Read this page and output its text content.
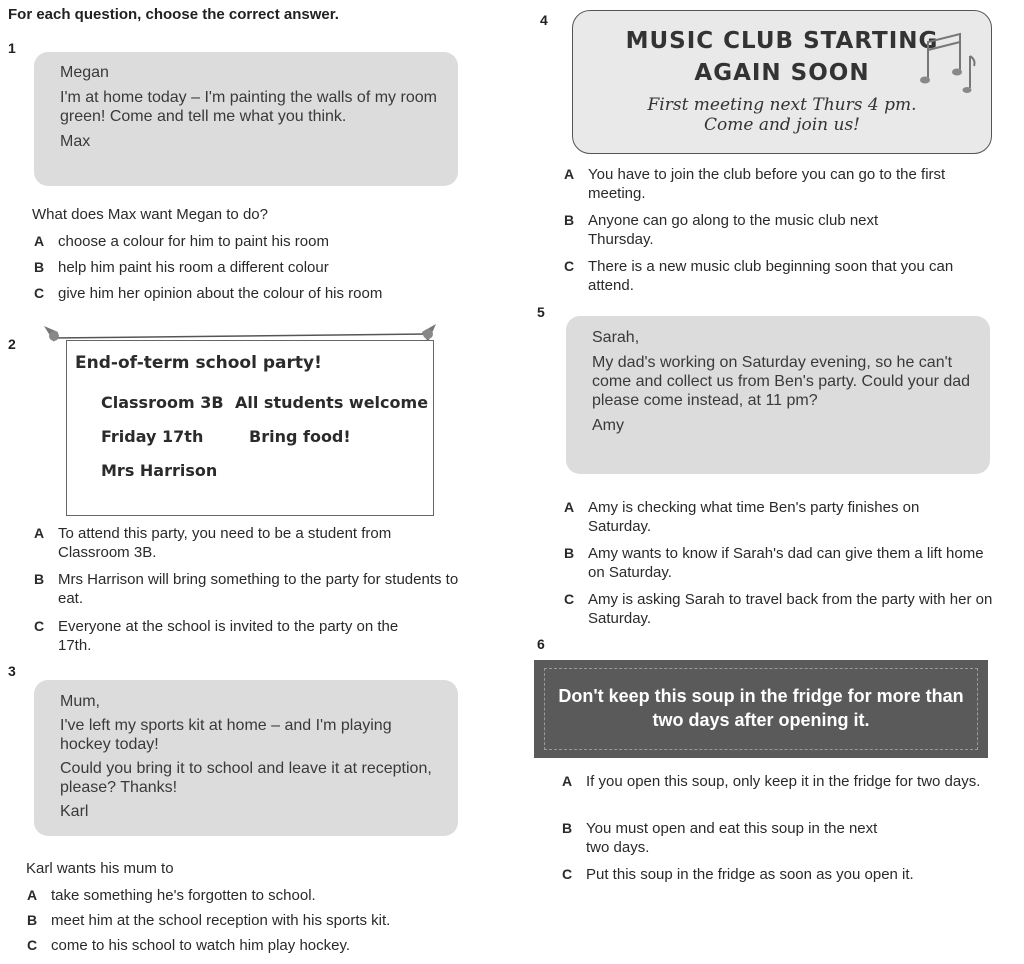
For each question, choose the correct answer.
1

Megan

I'm at home today – I'm painting the walls of my room green! Come and tell me what you think.

Max

What does Max want Megan to do?
A choose a colour for him to paint his room
B help him paint his room a different colour
C give him her opinion about the colour of his room
2
End-of-term school party!
Classroom 3B All students welcome
Friday 17th	Bring food!
Mrs Harrison
A To attend this party, you need to be a student from Classroom 3B.
B Mrs Harrison will bring something to the party for students to eat.
C Everyone at the school is invited to the party on the 17th.
3

Mum,

I've left my sports kit at home – and I'm playing hockey today!

Could you bring it to school and leave it at reception, please? Thanks!

Karl

Karl wants his mum to
A take something he's forgotten to school.
B meet him at the school reception with his sports kit.
C come to his school to watch him play hockey.
4
MUSIC CLUB STARTING
AGAIN SOON
First meeting next Thurs 4 pm.
Come and join us!
A You have to join the club before you can go to the first meeting.
B Anyone can go along to the music club next Thursday.
C There is a new music club beginning soon that you can attend.
5

Sarah,

My dad's working on Saturday evening, so he can't come and collect us from Ben's party. Could your dad please come instead, at 11 pm?

Amy

A Amy is checking what time Ben's party finishes on Saturday.
B Amy wants to know if Sarah's dad can give them a lift home on Saturday.
C Amy is asking Sarah to travel back from the party with her on Saturday.
6
Don't keep this soup in the fridge for more than two days after opening it.
A If you open this soup, only keep it in the fridge for two days.
B You must open and eat this soup in the next two days.
C Put this soup in the fridge as soon as you open it.
